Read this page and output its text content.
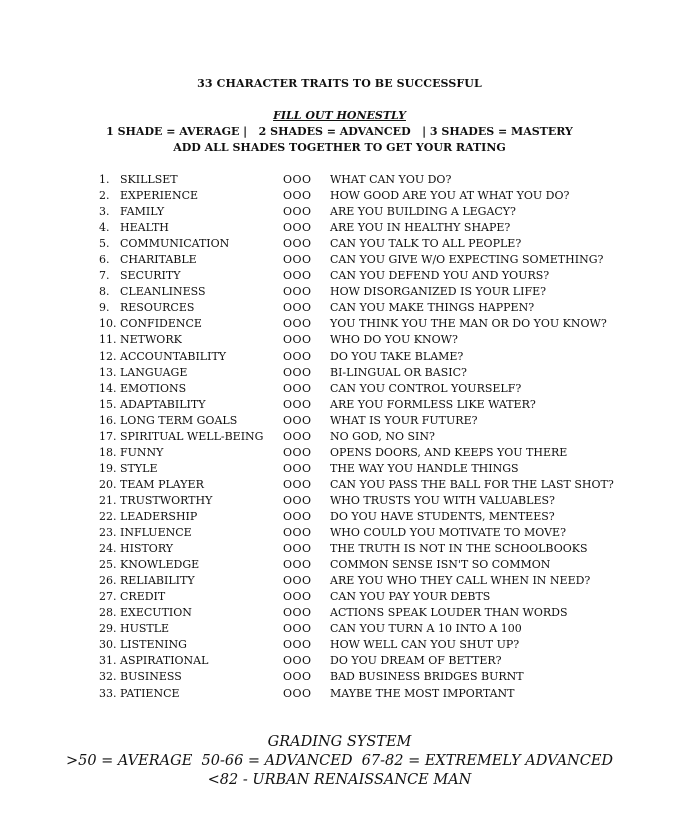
33 CHARACTER TRAITS TO BE SUCCESSFUL
FILL OUT HONESTLY
1 SHADE = AVERAGE |   2 SHADES = ADVANCED   | 3 SHADES = MASTERY
ADD ALL SHADES TOGETHER TO GET YOUR RATING
1. SKILLSET	OOO WHAT CAN YOU DO?
2. EXPERIENCE	OOO HOW GOOD ARE YOU AT WHAT YOU DO?
3. FAMILY	OOO ARE YOU BUILDING A LEGACY?
4. HEALTH	OOO ARE YOU IN HEALTHY SHAPE?
5. COMMUNICATION	OOO CAN YOU TALK TO ALL PEOPLE?
6. CHARITABLE	OOO CAN YOU GIVE W/O EXPECTING SOMETHING?
7. SECURITY	OOO CAN YOU DEFEND YOU AND YOURS?
8. CLEANLINESS	OOO HOW DISORGANIZED IS YOUR LIFE?
9. RESOURCES	OOO CAN YOU MAKE THINGS HAPPEN?
10. CONFIDENCE	OOO YOU THINK YOU THE MAN OR DO YOU KNOW?
11. NETWORK	OOO WHO DO YOU KNOW?
12. ACCOUNTABILITY	OOO DO YOU TAKE BLAME?
13. LANGUAGE	OOO BI-LINGUAL OR BASIC?
14. EMOTIONS	OOO CAN YOU CONTROL YOURSELF?
15. ADAPTABILITY	OOO ARE YOU FORMLESS LIKE WATER?
16. LONG TERM GOALS	OOO WHAT IS YOUR FUTURE?
17. SPIRITUAL WELL-BEING OOO NO GOD, NO SIN?
18. FUNNY	OOO OPENS DOORS, AND KEEPS YOU THERE
19. STYLE	OOO THE WAY YOU HANDLE THINGS
20. TEAM PLAYER	OOO CAN YOU PASS THE BALL FOR THE LAST SHOT?
21. TRUSTWORTHY	OOO WHO TRUSTS YOU WITH VALUABLES?
22. LEADERSHIP	OOO DO YOU HAVE STUDENTS, MENTEES?
23. INFLUENCE	OOO WHO COULD YOU MOTIVATE TO MOVE?
24. HISTORY	OOO THE TRUTH IS NOT IN THE SCHOOLBOOKS
25. KNOWLEDGE	OOO COMMON SENSE ISN'T SO COMMON
26. RELIABILITY	OOO ARE YOU WHO THEY CALL WHEN IN NEED?
27. CREDIT	OOO CAN YOU PAY YOUR DEBTS
28. EXECUTION	OOO ACTIONS SPEAK LOUDER THAN WORDS
29. HUSTLE	OOO CAN YOU TURN A 10 INTO A 100
30. LISTENING	OOO HOW WELL CAN YOU SHUT UP?
31. ASPIRATIONAL	OOO DO YOU DREAM OF BETTER?
32. BUSINESS	OOO BAD BUSINESS BRIDGES BURNT
33. PATIENCE	OOO MAYBE THE MOST IMPORTANT
GRADING SYSTEM
>50 = AVERAGE  50-66 = ADVANCED  67-82 = EXTREMELY ADVANCED
<82 - URBAN RENAISSANCE MAN
